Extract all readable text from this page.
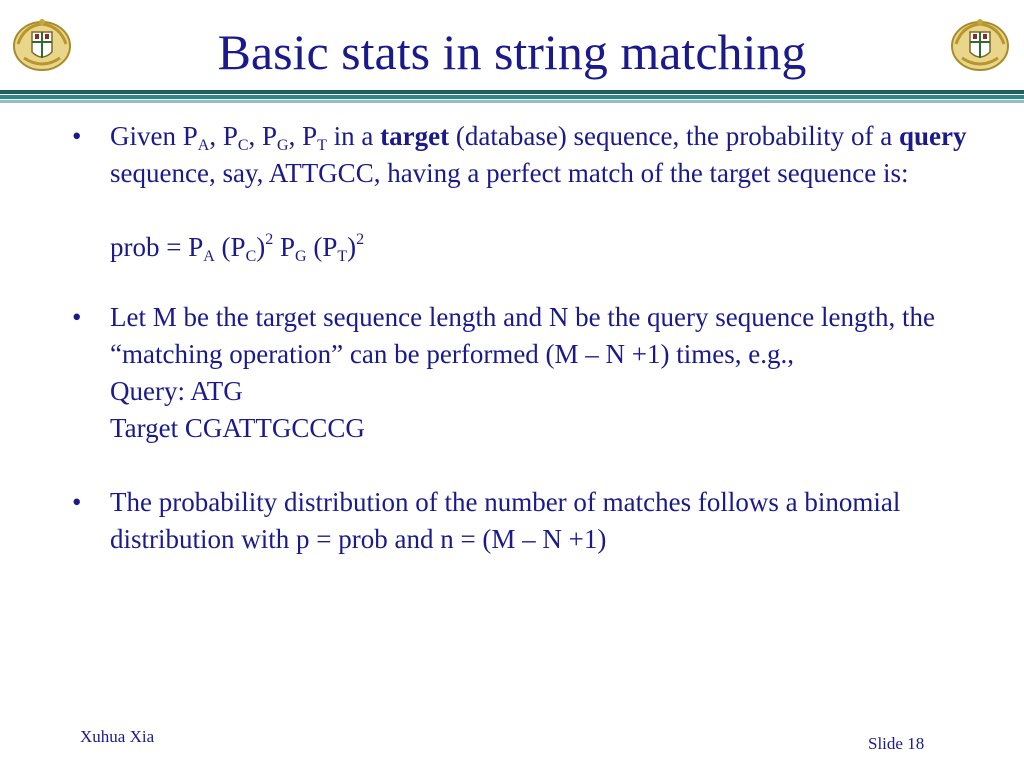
Basic stats in string matching
• Given $P_A$, $P_C$, $P_G$, $P_T$ in a target (database) sequence, the probability of a query sequence, say, ATTGCC, having a perfect match of the target sequence is:

prob = $P_A$ $(P_C)^2$ $P_G$ $(P_T)^2$

• Let M be the target sequence length and N be the query sequence length, the “matching operation” can be performed (M – N +1) times, e.g.,

Query: ATG

Target CGATTGCCCG

• The probability distribution of the number of matches follows a binomial distribution with p = prob and n = (M – N +1)

Xuhua Xia	Slide 18
